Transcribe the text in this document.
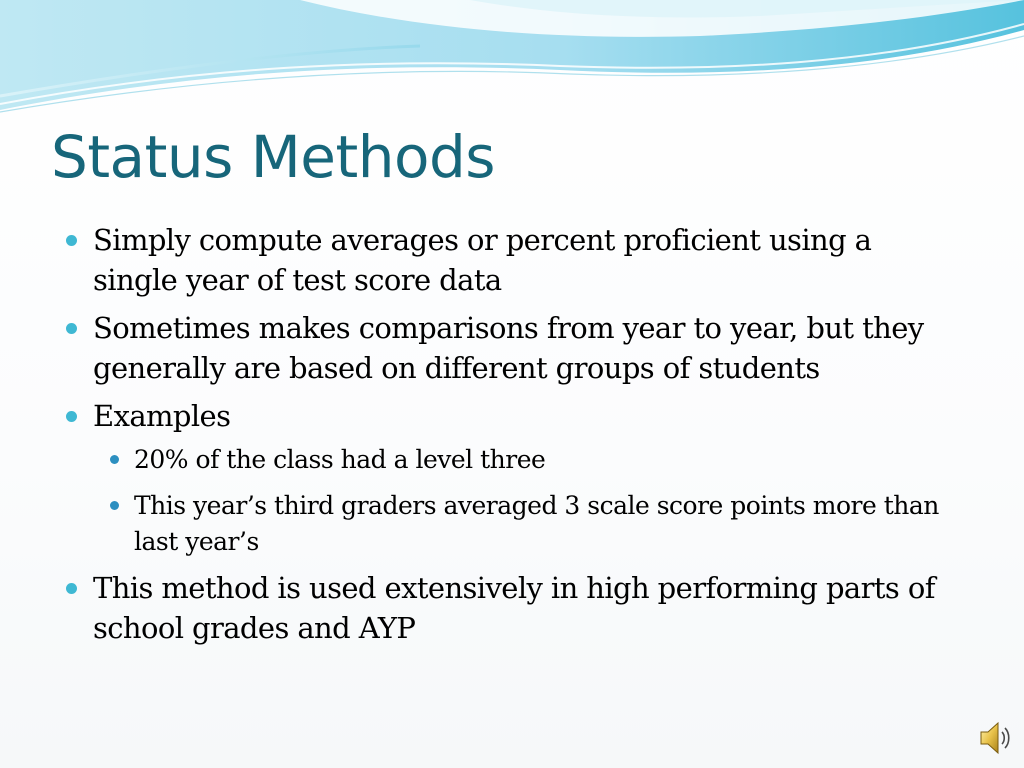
Status Methods
Simply compute averages or percent proficient using a single year of test score data
Sometimes makes comparisons from year to year, but they generally are based on different groups of students
Examples
20% of the class had a level three
This year’s third graders averaged 3 scale score points more than last year’s
This method is used extensively in high performing parts of school grades and AYP
